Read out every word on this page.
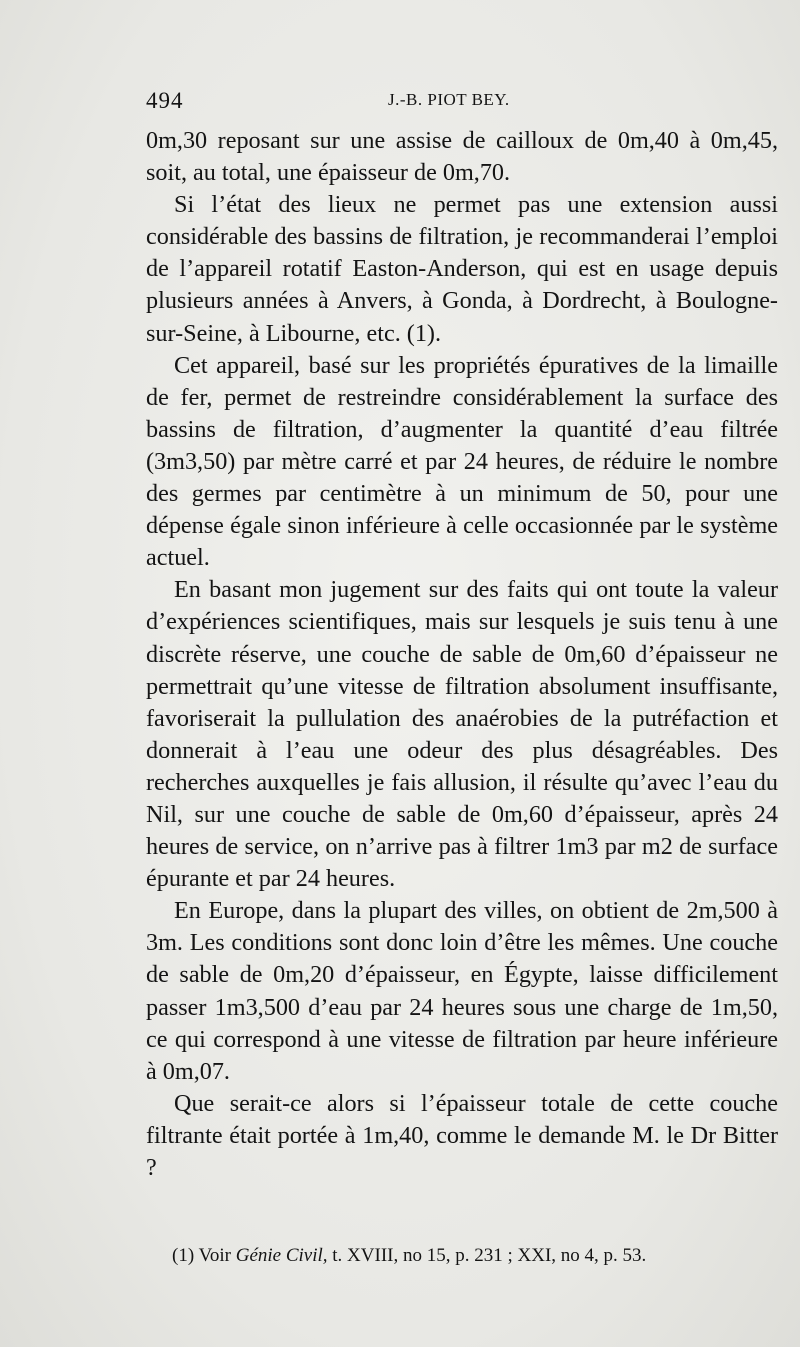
494	J.-B. PIOT BEY.

0m,30 reposant sur une assise de cailloux de 0m,40 à 0m,45, soit, au total, une épaisseur de 0m,70.

Si l’état des lieux ne permet pas une extension aussi considérable des bassins de filtration, je recommanderai l’emploi de l’appareil rotatif Easton-Anderson, qui est en usage depuis plusieurs années à Anvers, à Gonda, à Dordrecht, à Boulogne-sur-Seine, à Libourne, etc. (1).

Cet appareil, basé sur les propriétés épuratives de la limaille de fer, permet de restreindre considérablement la surface des bassins de filtration, d’augmenter la quantité d’eau filtrée (3m3,50) par mètre carré et par 24 heures, de réduire le nombre des germes par centimètre à un minimum de 50, pour une dépense égale sinon inférieure à celle occasionnée par le système actuel.

En basant mon jugement sur des faits qui ont toute la valeur d’expériences scientifiques, mais sur lesquels je suis tenu à une discrète réserve, une couche de sable de 0m,60 d’épaisseur ne permettrait qu’une vitesse de filtration absolument insuffisante, favoriserait la pullulation des anaérobies de la putréfaction et donnerait à l’eau une odeur des plus désagréables. Des recherches auxquelles je fais allusion, il résulte qu’avec l’eau du Nil, sur une couche de sable de 0m,60 d’épaisseur, après 24 heures de service, on n’arrive pas à filtrer 1m3 par m2 de surface épurante et par 24 heures.

En Europe, dans la plupart des villes, on obtient de 2m,500 à 3m. Les conditions sont donc loin d’être les mêmes. Une couche de sable de 0m,20 d’épaisseur, en Égypte, laisse difficilement passer 1m3,500 d’eau par 24 heures sous une charge de 1m,50, ce qui correspond à une vitesse de filtration par heure inférieure à 0m,07.

Que serait-ce alors si l’épaisseur totale de cette couche filtrante était portée à 1m,40, comme le demande M. le Dr Bitter ?

(1) Voir Génie Civil, t. XVIII, no 15, p. 231 ; XXI, no 4, p. 53.
